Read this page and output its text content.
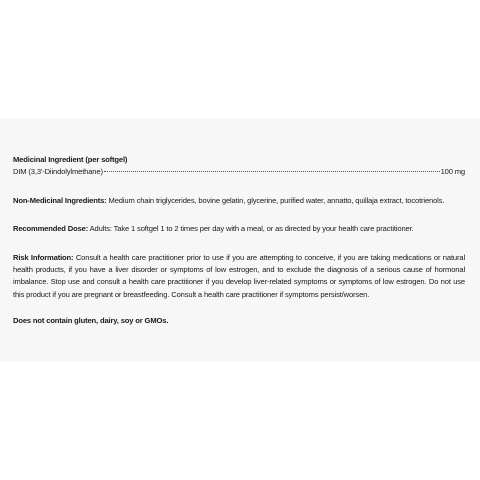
Medicinal Ingredient (per softgel)
DIM (3,3'-Diindolylmethane)	100 mg
Non-Medicinal Ingredients: Medium chain triglycerides, bovine gelatin, glycerine, purified water, annatto, quillaja extract, tocotrienols.
Recommended Dose: Adults: Take 1 softgel 1 to 2 times per day with a meal, or as directed by your health care practitioner.
Risk Information: Consult a health care practitioner prior to use if you are attempting to conceive, if you are taking medications or natural health products, if you have a liver disorder or symptoms of low estrogen, and to exclude the diagnosis of a serious cause of hormonal imbalance. Stop use and consult a health care practitioner if you develop liver-related symptoms or symptoms of low estrogen. Do not use this product if you are pregnant or breastfeeding. Consult a health care practitioner if symptoms persist/worsen.
Does not contain gluten, dairy, soy or GMOs.
